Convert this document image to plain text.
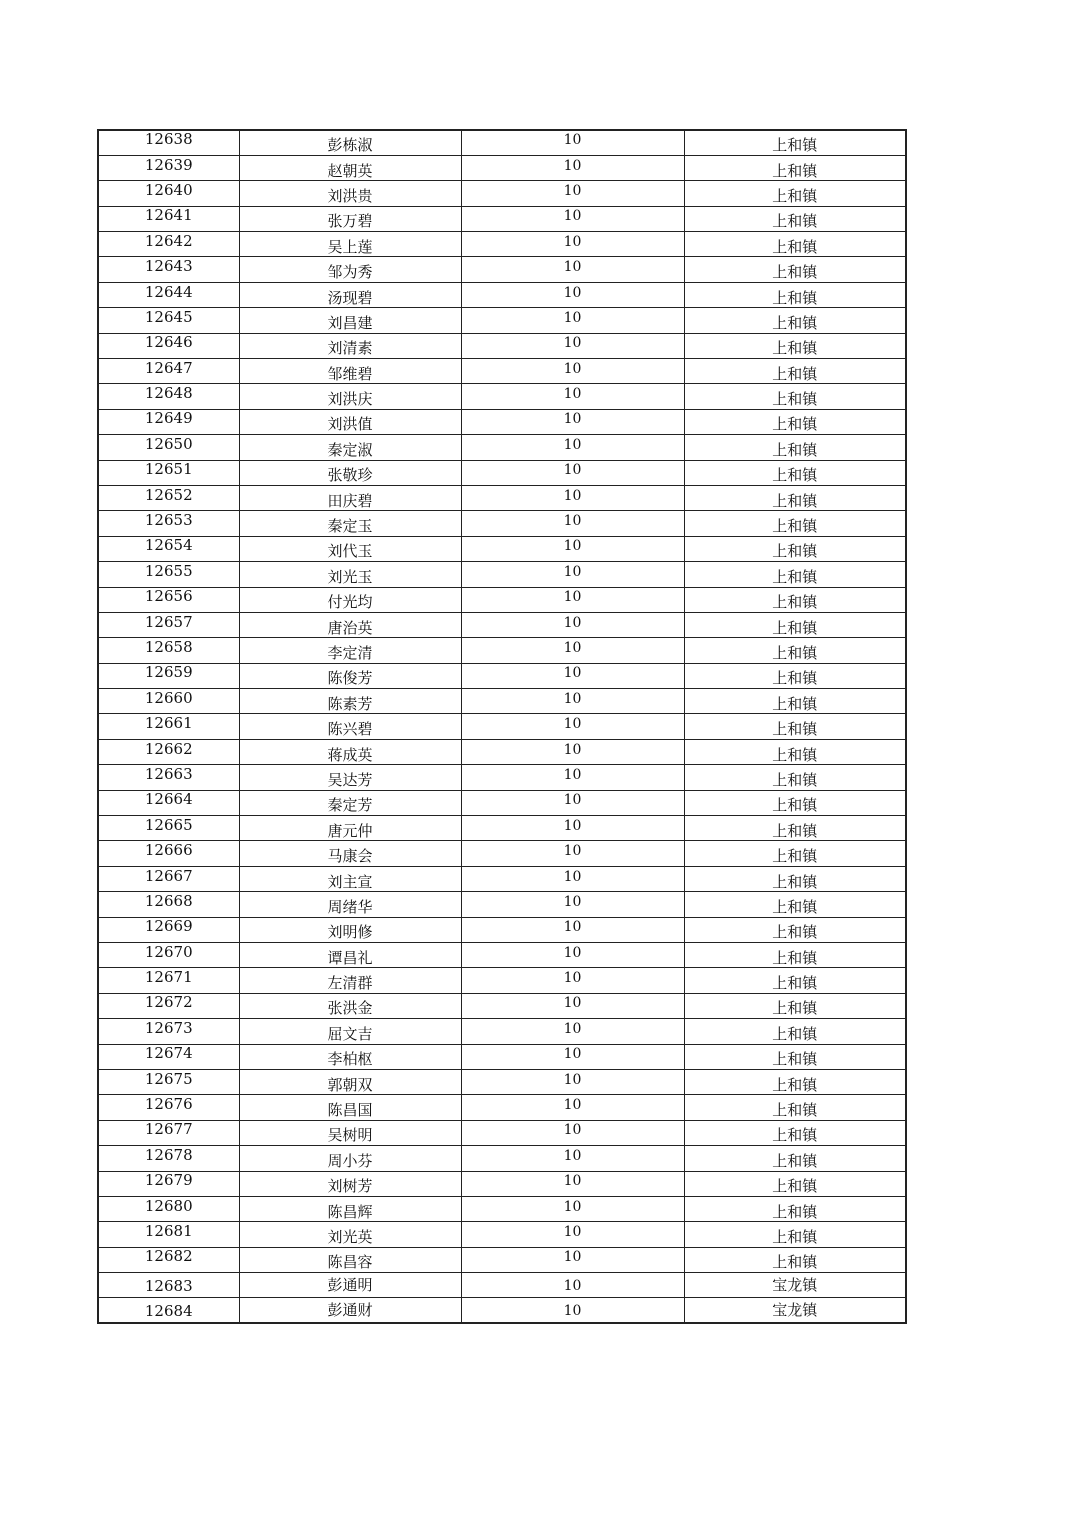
12638	彭栋淑	10	上和镇
12639	赵朝英	10	上和镇
12640	刘洪贵	10	上和镇
12641	张万碧	10	上和镇
12642	吴上莲	10	上和镇
12643	邹为秀	10	上和镇
12644	汤现碧	10	上和镇
12645	刘昌建	10	上和镇
12646	刘清素	10	上和镇
12647	邹维碧	10	上和镇
12648	刘洪庆	10	上和镇
12649	刘洪值	10	上和镇
12650	秦定淑	10	上和镇
12651	张敬珍	10	上和镇
12652	田庆碧	10	上和镇
12653	秦定玉	10	上和镇
12654	刘代玉	10	上和镇
12655	刘光玉	10	上和镇
12656	付光均	10	上和镇
12657	唐治英	10	上和镇
12658	李定清	10	上和镇
12659	陈俊芳	10	上和镇
12660	陈素芳	10	上和镇
12661	陈兴碧	10	上和镇
12662	蒋成英	10	上和镇
12663	吴达芳	10	上和镇
12664	秦定芳	10	上和镇
12665	唐元仲	10	上和镇
12666	马康会	10	上和镇
12667	刘主宣	10	上和镇
12668	周绪华	10	上和镇
12669	刘明修	10	上和镇
12670	谭昌礼	10	上和镇
12671	左清群	10	上和镇
12672	张洪金	10	上和镇
12673	屈文吉	10	上和镇
12674	李柏枢	10	上和镇
12675	郭朝双	10	上和镇
12676	陈昌国	10	上和镇
12677	吴树明	10	上和镇
12678	周小芬	10	上和镇
12679	刘树芳	10	上和镇
12680	陈昌辉	10	上和镇
12681	刘光英	10	上和镇
12682	陈昌容	10	上和镇
12683	彭通明	10	宝龙镇
12684	彭通财	10	宝龙镇
